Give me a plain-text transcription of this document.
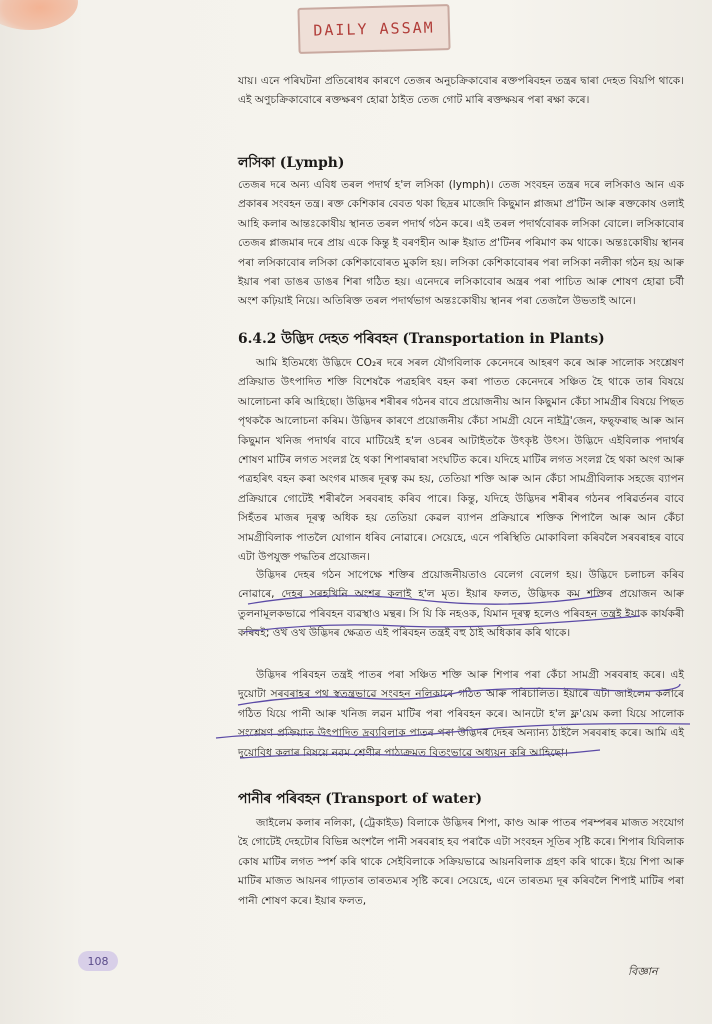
DAILY ASSAM

যায়। এনে পৰিঘটনা প্ৰতিৰোধৰ কাৰণে তেজৰ অনুচক্ৰিকাবোৰ ৰক্তপৰিবহন তন্ত্ৰৰ দ্বাৰা দেহত বিয়পি থাকে। এই অণুচক্ৰিকাবোৰে ৰক্তক্ষৰণ হোৱা ঠাইত তেজ গোট মাৰি ৰক্তক্ষয়ৰ পৰা ৰক্ষা কৰে।

লসিকা (Lymph)

তেজৰ দৰে অন্য এবিধ তৰল পদাৰ্থ হ'ল লসিকা (lymph)। তেজ সংবহন তন্ত্ৰৰ দৰে লসিকাও আন এক প্ৰকাৰৰ সংবহন তন্ত্ৰ। ৰক্ত কেশিকাৰ বেবত থকা ছিদ্ৰৰ মাজেদি কিছুমান প্লাজমা প্ৰ'টিন আৰু ৰক্তকোষ ওলাই আহি কলাৰ আন্তঃকোষীয় স্থানত তৰল পদাৰ্থ গঠন কৰে। এই তৰল পদাৰ্থবোৰক লসিকা বোলে। লসিকাবোৰ তেজৰ প্লাজমাৰ দৰে প্ৰায় একে কিন্তু ই বৰণহীন আৰু ইয়াত প্ৰ'টিনৰ পৰিমাণ কম থাকে। অন্তঃকোষীয় স্থানৰ পৰা লসিকাবোৰ লসিকা কেশিকাবোৰত মুকলি হয়। লসিকা কেশিকাবোৰৰ পৰা লসিকা নলীকা গঠন হয় আৰু ইয়াৰ পৰা ডাঙৰ ডাঙৰ শিৰা গঠিত হয়। এনেদৰে লসিকাবোৰ অন্ত্ৰৰ পৰা পাচিত আৰু শোষণ হোৱা চৰ্বী অংশ কঢ়িয়াই নিয়ে। অতিৰিক্ত তৰল পদাৰ্থভাগ অন্তঃকোষীয় স্থানৰ পৰা তেজলৈ উভতাই আনে।

6.4.2 উদ্ভিদ দেহত পৰিবহন (Transportation in Plants)

আমি ইতিমধ্যে উদ্ভিদে CO₂ৰ দৰে সৰল যৌগবিলাক কেনেদৰে আহৰণ কৰে আৰু সালোক সংশ্লেষণ প্ৰক্ৰিয়াত উৎপাদিত শক্তি বিশেষকৈ পত্ৰহৰিৎ বহন কৰা পাতত কেনেদৰে সঞ্চিত হৈ থাকে তাৰ বিষয়ে আলোচনা কৰি আহিছো। উদ্ভিদৰ শৰীৰৰ গঠনৰ বাবে প্ৰয়োজনীয় আন কিছুমান কেঁচা সামগ্ৰীৰ বিষয়ে পিছত পৃথককৈ আলোচনা কৰিম। উদ্ভিদৰ কাৰণে প্ৰয়োজনীয় কেঁচা সামগ্ৰী যেনে নাইট্ৰ'জেন, ফছ্ফৰাছ আৰু আন কিছুমান খনিজ পদাৰ্থৰ বাবে মাটিয়েই হ'ল ওচৰৰ আটাইতকৈ উৎকৃষ্ট উৎস। উদ্ভিদে এইবিলাক পদাৰ্থৰ শোষণ মাটিৰ লগত সংলগ্ন হৈ থকা শিপাৰদ্বাৰা সংঘটিত কৰে। যদিহে মাটিৰ লগত সংলগ্ন হৈ থকা অংগ আৰু পত্ৰহৰিৎ বহন কৰা অংগৰ মাজৰ দূৰত্ব কম হয়, তেতিয়া শক্তি আৰু আন কেঁচা সামগ্ৰীবিলাক সহজে ব্যাপন প্ৰক্ৰিয়াৰে গোটেই শৰীৰলৈ সৰবৰাহ কৰিব পাৰে। কিন্তু, যদিহে উদ্ভিদৰ শৰীৰৰ গঠনৰ পৰিৱৰ্তনৰ বাবে সিহঁতৰ মাজৰ দূৰত্ব অধিক হয় তেতিয়া কেৱল ব্যাপন প্ৰক্ৰিয়াৰে শক্তিক শিপালৈ আৰু আন কেঁচা সামগ্ৰীবিলাক পাতলৈ যোগান ধৰিব নোৱাৰে। সেয়েহে, এনে পৰিস্থিতি মোকাবিলা কৰিবলৈ সৰবৰাহৰ বাবে এটা উপযুক্ত পদ্ধতিৰ প্ৰয়োজন।

উদ্ভিদৰ দেহৰ গঠন সাপেক্ষে শক্তিৰ প্ৰয়োজনীয়তাও বেলেগ বেলেগ হয়। উদ্ভিদে চলাচল কৰিব নোৱাৰে, দেহৰ সৰহখিনি অংশৰ কলাই হ'ল মৃত। ইয়াৰ ফলত, উদ্ভিদক কম শক্তিৰ প্ৰয়োজন আৰু তুলনামূলকভাৱে পৰিবহন ব্যৱস্থাও মন্থৰ। সি যি কি নহওক, যিমান দূৰত্ব হলেও পৰিবহন তন্ত্ৰই ইয়াক কাৰ্যকৰী কৰিবই; ওখ ওখ উদ্ভিদৰ ক্ষেত্ৰত এই পৰিবহন তন্ত্ৰই বহু ঠাই অধিকাৰ কৰি থাকে।

উদ্ভিদৰ পৰিবহন তন্ত্ৰই পাতৰ পৰা সঞ্চিত শক্তি আৰু শিপাৰ পৰা কেঁচা সামগ্ৰী সৰবৰাহ কৰে। এই দুয়োটা সৰবৰাহৰ পথ স্বতন্ত্ৰভাৱে সংবহন নলিকাৰে গঠিত আৰু পৰিচালিত। ইয়াৰে এটা জাইলেম কলাৰে গঠিত যিয়ে পানী আৰু খনিজ লৱন মাটিৰ পৰা পৰিবহন কৰে। আনটো হ'ল ফ্ল'য়েম কলা যিয়ে সালোক সংশ্লেষণ প্ৰক্ৰিয়াত উৎপাদিত দ্ৰব্যবিলাক পাতৰ পৰা উদ্ভিদৰ দেহৰ অন্যান্য ঠাইলৈ সৰবৰাহ কৰে। আমি এই দুয়োবিধ কলাৰ বিষয়ে নৱম শ্ৰেণীৰ পাঠ্যক্ৰমত বিতংভাৱে অধ্যয়ন কৰি আহিছো।

পানীৰ পৰিবহন (Transport of water)

জাইলেম কলাৰ নলিকা, (ট্ৰেকাইড) বিলাকে উদ্ভিদৰ শিপা, কাণ্ড আৰু পাতৰ পৰম্পৰৰ মাজত সংযোগ হৈ গোটেই দেহটোৰ বিভিন্ন অংশলৈ পানী সৰবৰাহ হব পৰাকৈ এটা সংবহন সূতিৰ সৃষ্টি কৰে। শিপাৰ যিবিলাক কোষ মাটিৰ লগত স্পৰ্শ কৰি থাকে সেইবিলাকে সক্ৰিয়ভাৱে আয়নবিলাক গ্ৰহণ কৰি থাকে। ইয়ে শিপা আৰু মাটিৰ মাজত আয়নৰ গাঢ়তাৰ তাৰতম্যৰ সৃষ্টি কৰে। সেয়েহে, এনে তাৰতম্য দূৰ কৰিবলৈ শিপাই মাটিৰ পৰা পানী শোষণ কৰে। ইয়াৰ ফলত,

108
বিজ্ঞান
